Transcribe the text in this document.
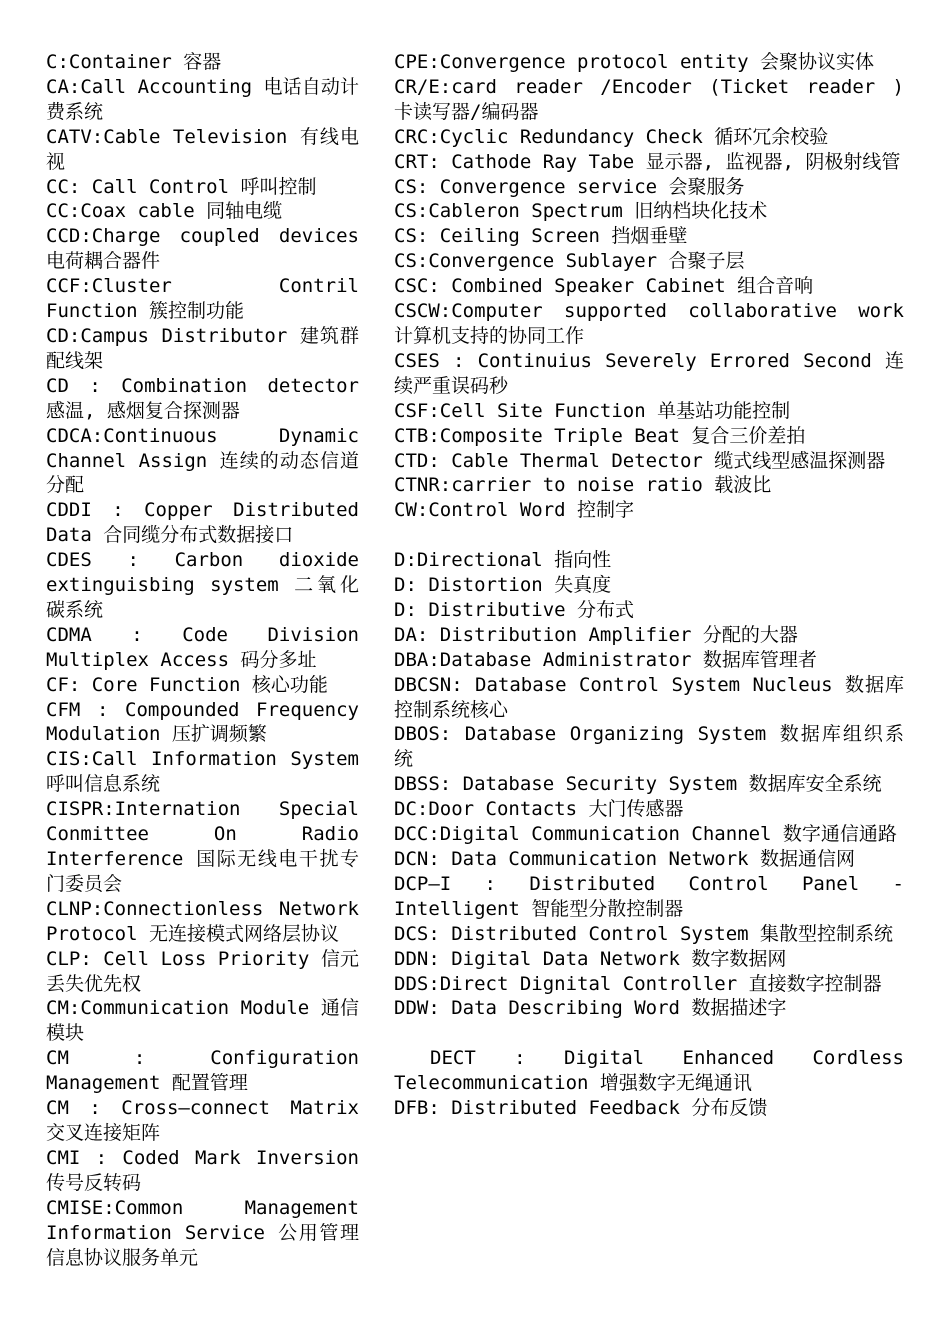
C:Container 容器

CA:Call Accounting 电话自动计费系统

CATV:Cable Television 有线电视

CC: Call Control 呼叫控制

CC:Coax cable 同轴电缆

CCD:Charge coupled devices 电荷耦合器件

CCF:Cluster Contril Function 簇控制功能

CD:Campus Distributor 建筑群配线架

CD : Combination detector 感温, 感烟复合探测器

CDCA:Continuous Dynamic Channel Assign 连续的动态信道分配

CDDI : Copper Distributed Data 合同缆分布式数据接口

CDES : Carbon dioxide extinguisbing system 二氧化碳系统

CDMA : Code Division Multiplex Access 码分多址

CF: Core Function 核心功能

CFM : Compounded Frequency Modulation 压扩调频繁

CIS:Call Information System 呼叫信息系统

CISPR:Internation Special Conmittee On Radio Interference 国际无线电干扰专门委员会

CLNP:Connectionless Network Protocol 无连接模式网络层协议

CLP: Cell Loss Priority 信元丢失优先权

CM:Communication Module 通信模块

CM : Configuration Management 配置管理

CM : Cross—connect Matrix 交叉连接矩阵

CMI : Coded Mark Inversion 传号反转码

CMISE:Common Management Information Service 公用管理信息协议服务单元

CPE:Convergence protocol entity 会聚协议实体

CR/E:card reader /Encoder (Ticket reader ) 卡读写器/编码器

CRC:Cyclic Redundancy Check 循环冗余校验

CRT: Cathode Ray Tabe 显示器, 监视器, 阴极射线管

CS: Convergence service 会聚服务

CS:Cableron Spectrum 旧纳档块化技术

CS: Ceiling Screen 挡烟垂壁

CS:Convergence Sublayer 合聚子层

CSC: Combined Speaker Cabinet 组合音响

CSCW:Computer supported collaborative work 计算机支持的协同工作

CSES : Continuius Severely Errored Second 连续严重误码秒

CSF:Cell Site Function 单基站功能控制

CTB:Composite Triple Beat 复合三价差拍

CTD: Cable Thermal Detector 缆式线型感温探测器

CTNR:carrier to noise ratio 载波比

CW:Control Word 控制字

D:Directional 指向性

D: Distortion 失真度

D: Distributive 分布式

DA: Distribution Amplifier 分配的大器

DBA:Database Administrator 数据库管理者

DBCSN: Database Control System Nucleus 数据库控制系统核心

DBOS: Database Organizing System 数据库组织系统

DBSS: Database Security System 数据库安全系统

DC:Door Contacts 大门传感器

DCC:Digital Communication Channel 数字通信通路

DCN: Data Communication Network 数据通信网

DCP—I : Distributed Control Panel - Intelligent 智能型分散控制器

DCS: Distributed Control System 集散型控制系统

DDN: Digital Data Network 数字数据网

DDS:Direct Dignital Controller 直接数字控制器

DDW: Data Describing Word 数据描述字

DECT : Digital Enhanced Cordless Telecommunication 增强数字无绳通讯

DFB: Distributed Feedback 分布反馈
